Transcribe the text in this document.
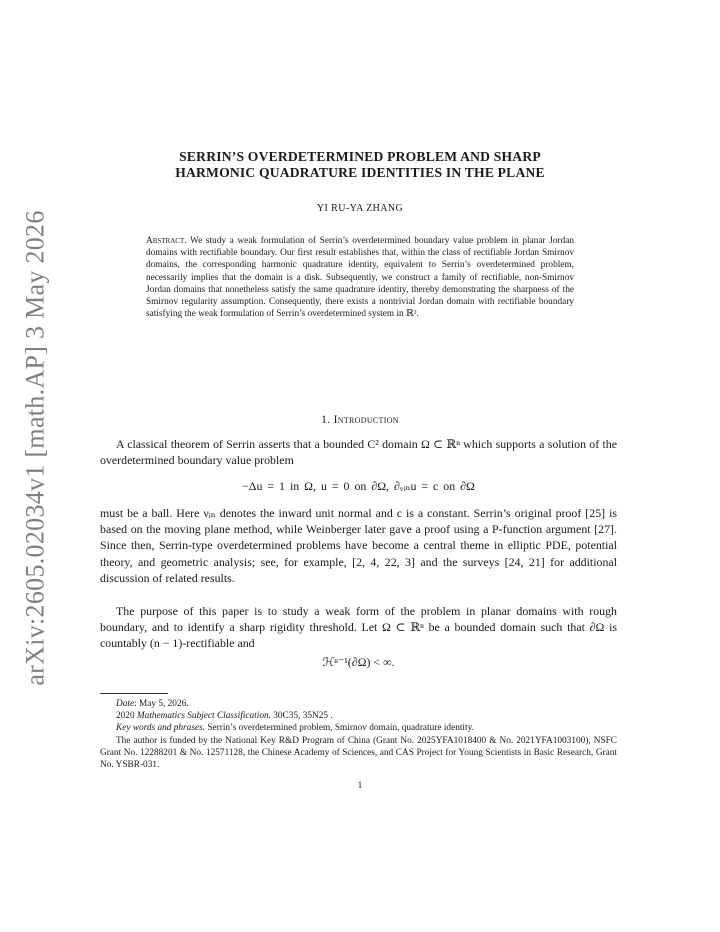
arXiv:2605.02034v1 [math.AP] 3 May 2026
SERRIN’S OVERDETERMINED PROBLEM AND SHARP
HARMONIC QUADRATURE IDENTITIES IN THE PLANE
YI RU-YA ZHANG
Abstract. We study a weak formulation of Serrin’s overdetermined boundary value problem in planar Jordan domains with rectifiable boundary. Our first result establishes that, within the class of rectifiable Jordan Smirnov domains, the corresponding harmonic quadrature identity, equivalent to Serrin’s overdetermined problem, necessarily implies that the domain is a disk. Subsequently, we construct a family of rectifiable, non-Smirnov Jordan domains that nonetheless satisfy the same quadrature identity, thereby demonstrating the sharpness of the Smirnov regularity assumption. Consequently, there exists a nontrivial Jordan domain with rectifiable boundary satisfying the weak formulation of Serrin’s overdetermined system in ℝ².
1. Introduction
A classical theorem of Serrin asserts that a bounded C² domain Ω ⊂ ℝⁿ which supports a solution of the overdetermined boundary value problem
−Δu = 1 in Ω, u = 0 on ∂Ω, ∂ᵥᵢₙu = c on ∂Ω
must be a ball. Here νᵢₙ denotes the inward unit normal and c is a constant. Serrin’s original proof [25] is based on the moving plane method, while Weinberger later gave a proof using a P-function argument [27]. Since then, Serrin-type overdetermined problems have become a central theme in elliptic PDE, potential theory, and geometric analysis; see, for example, [2, 4, 22, 3] and the surveys [24, 21] for additional discussion of related results.
The purpose of this paper is to study a weak form of the problem in planar domains with rough boundary, and to identify a sharp rigidity threshold. Let Ω ⊂ ℝⁿ be a bounded domain such that ∂Ω is countably (n − 1)-rectifiable and
ℋⁿ⁻¹(∂Ω) < ∞.
Date: May 5, 2026.
2020 Mathematics Subject Classification. 30C35, 35N25 .
Key words and phrases. Serrin’s overdetermined problem, Smirnov domain, quadrature identity.
The author is funded by the National Key R&D Program of China (Grant No. 2025YFA1018400 & No. 2021YFA1003100), NSFC Grant No. 12288201 & No. 12571128, the Chinese Academy of Sciences, and CAS Project for Young Scientists in Basic Research, Grant No. YSBR-031.
1
